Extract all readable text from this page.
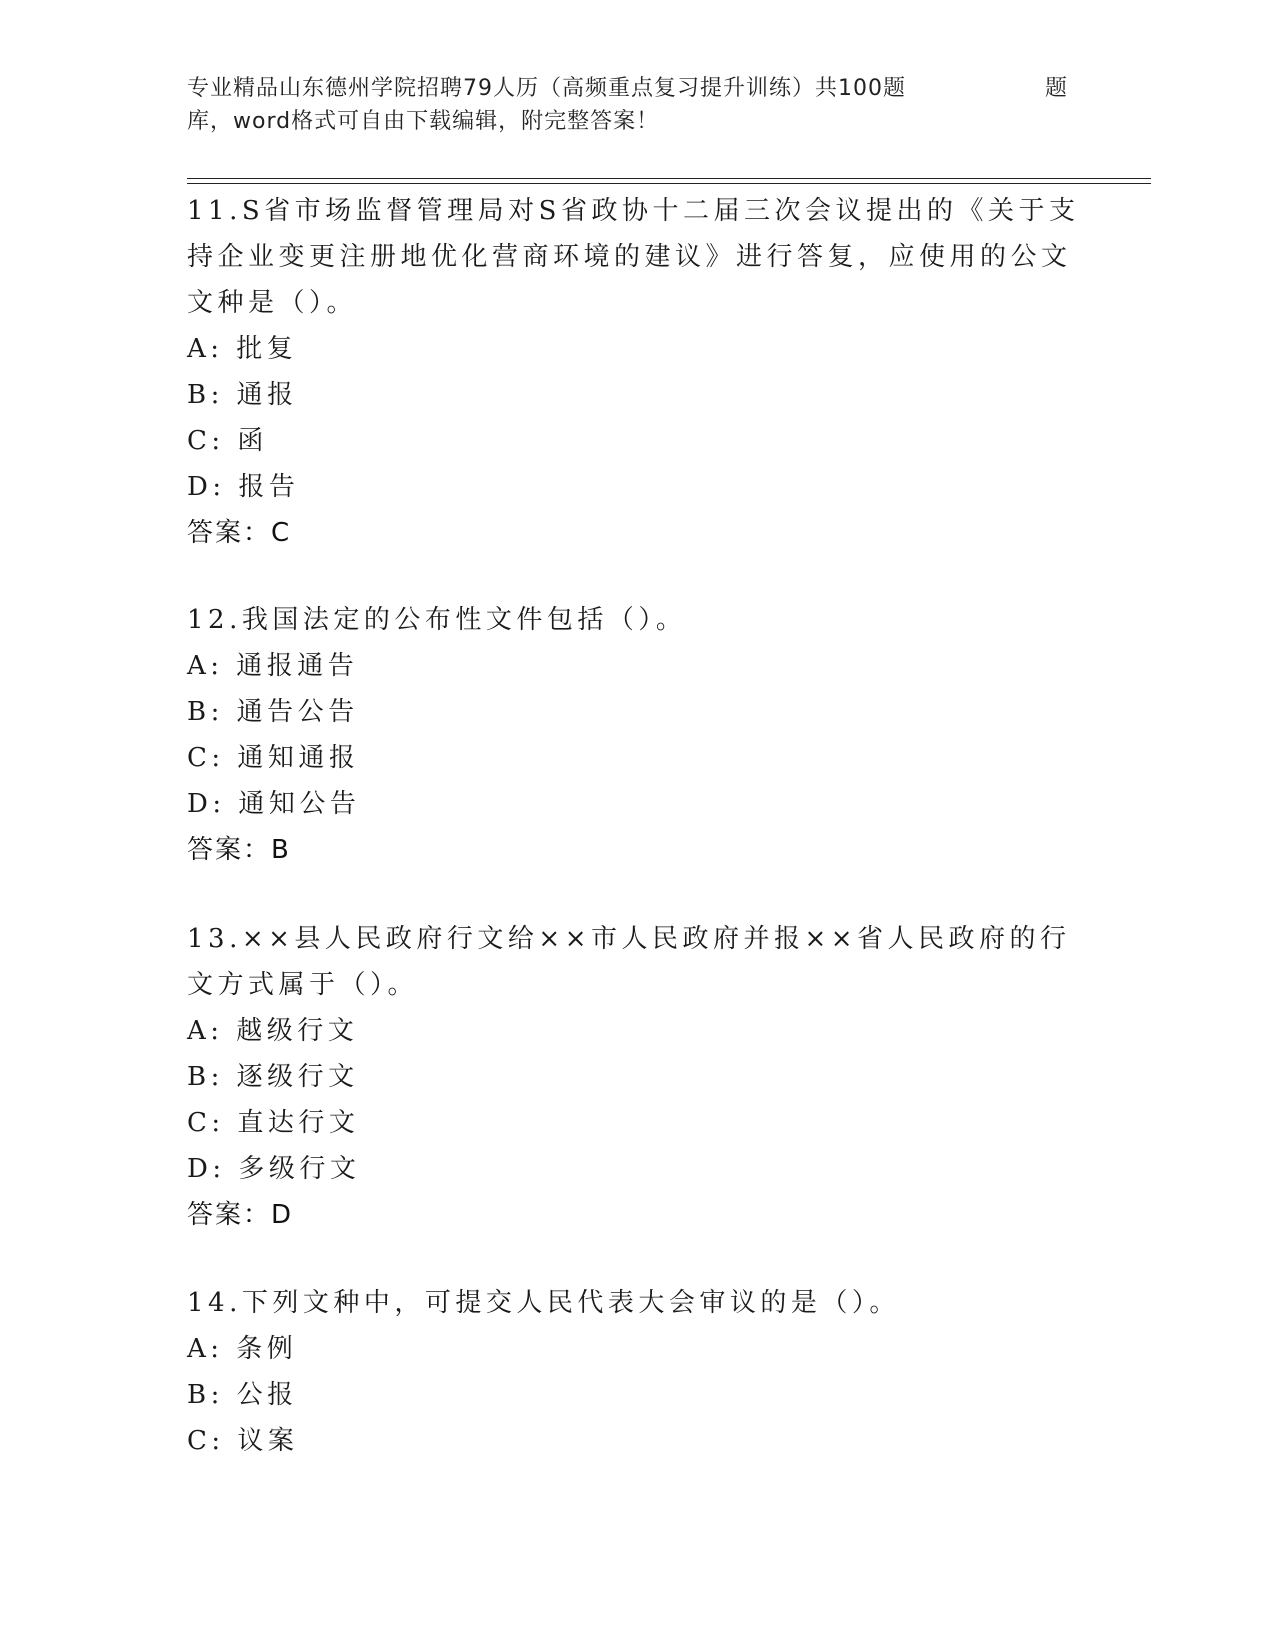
专业精品山东德州学院招聘79人历（高频重点复习提升训练）共100题	题
库，word格式可自由下载编辑，附完整答案！
11.S省市场监督管理局对S省政协十二届三次会议提出的《关于支持企业变更注册地优化营商环境的建议》进行答复，应使用的公文文种是（）。
A: 批复
B: 通报
C: 函
D: 报告
答案：C
12.我国法定的公布性文件包括（）。
A: 通报通告
B: 通告公告
C: 通知通报
D: 通知公告
答案：B
13.××县人民政府行文给××市人民政府并报××省人民政府的行文方式属于（）。
A: 越级行文
B: 逐级行文
C: 直达行文
D: 多级行文
答案：D
14.下列文种中，可提交人民代表大会审议的是（）。
A: 条例
B: 公报
C: 议案
